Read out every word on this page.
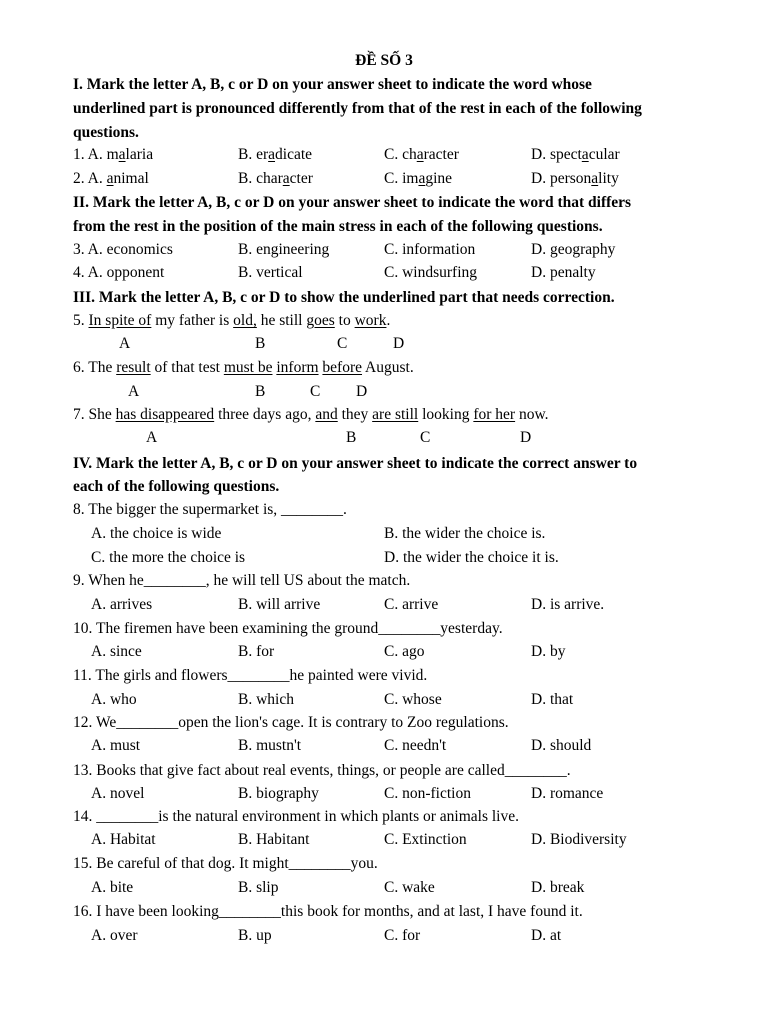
ĐỀ SỐ 3
I. Mark the letter A, B, c or D on your answer sheet to indicate the word whose
underlined part is pronounced differently from that of the rest in each of the following
questions.
1. A. malaria	B. eradicate	C. character	D. spectacular
2. A. animal	B. character	C. imagine	D. personality
II. Mark the letter A, B, c or D on your answer sheet to indicate the word that differs
from the rest in the position of the main stress in each of the following questions.
3. A. economics	B. engineering	C. information	D. geography
4. A. opponent	B. vertical	C. windsurfing	D. penalty
III. Mark the letter A, B, c or D to show the underlined part that needs correction.
5. In spite of my father is old, he still goes to work.
A	B	C	D
6. The result of that test must be inform before August.
A	B	C D
7. She has disappeared three days ago, and they are still looking for her now.
A	B	C	D
IV. Mark the letter A, B, c or D on your answer sheet to indicate the correct answer to
each of the following questions.
8. The bigger the supermarket is, ________.
A. the choice is wide	B. the wider the choice is.
C. the more the choice is	D. the wider the choice it is.
9. When he________, he will tell US about the match.
A. arrives	B. will arrive	C. arrive	D. is arrive.
10. The firemen have been examining the ground________yesterday.
A. since	B. for	C. ago	D. by
11. The girls and flowers________he painted were vivid.
A. who	B. which	C. whose	D. that
12. We________open the lion's cage. It is contrary to Zoo regulations.
A. must	B. mustn't	C. needn't	D. should
13. Books that give fact about real events, things, or people are called________.
A. novel	B. biography	C. non-fiction	D. romance
14. ________is the natural environment in which plants or animals live.
A. Habitat	B. Habitant	C. Extinction	D. Biodiversity
15. Be careful of that dog. It might________you.
A. bite	B. slip	C. wake	D. break
16. I have been looking________this book for months, and at last, I have found it.
A. over	B. up	C. for	D. at
